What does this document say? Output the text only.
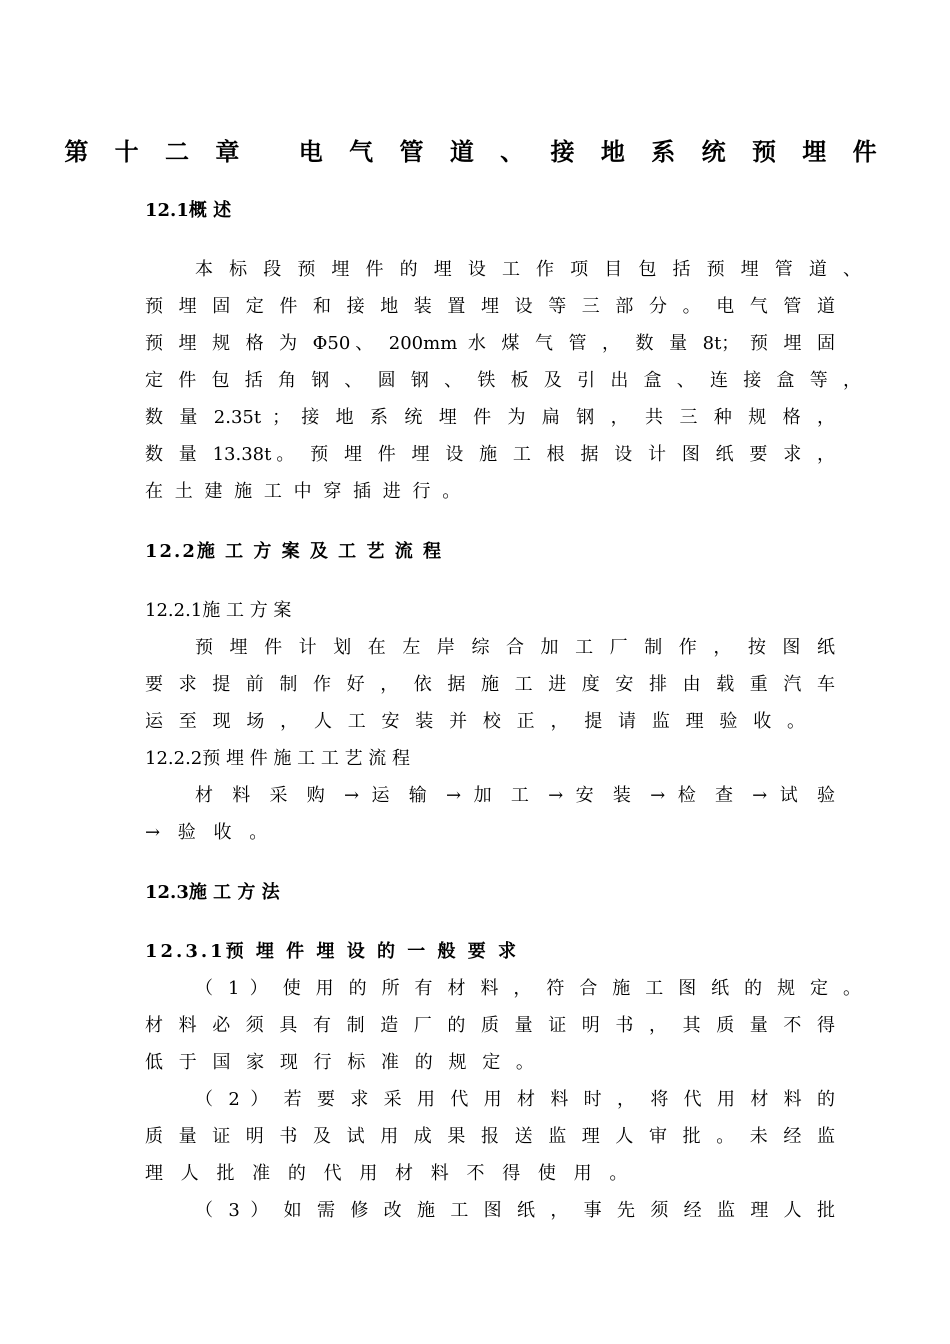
第 十 二 章　 电 气 管 道 、 接 地 系 统 预 埋 件
12.1概 述
本 标 段 预 埋 件 的 埋 设 工 作 项 目 包 括 预 埋 管 道 、
预 埋 固 定 件 和 接 地 装 置 埋 设 等 三 部 分 。 电 气 管 道
预 埋 规 格 为 Φ50、 200mm 水 煤 气 管 ， 数 量 8t； 预 埋 固
定 件 包 括 角 钢 、 圆 钢 、 铁 板 及 引 出 盒 、 连 接 盒 等 ，
数 量 2.35t ； 接 地 系 统 埋 件 为 扁 钢 ， 共 三 种 规 格 ，
数 量 13.38t。 预 埋 件 埋 设 施 工 根 据 设 计 图 纸 要 求 ，
在 土 建 施 工 中 穿 插 进 行 。
12.2施 工 方 案 及 工 艺 流 程
12.2.1施 工 方 案
预 埋 件 计 划 在 左 岸 综 合 加 工 厂 制 作 ， 按 图 纸
要 求 提 前 制 作 好 ， 依 据 施 工 进 度 安 排 由 载 重 汽 车
运 至 现 场 ， 人 工 安 装 并 校 正 ， 提 请 监 理 验 收 。
12.2.2预 埋 件 施 工 工 艺 流 程
材 料 采 购 → 运 输 → 加 工 → 安 装 → 检 查 → 试 验
→ 验 收 。
12.3施 工 方 法
12.3.1预 埋 件 埋 设 的 一 般 要 求
（ 1 ） 使 用 的 所 有 材 料 ， 符 合 施 工 图 纸 的 规 定 。
材 料 必 须 具 有 制 造 厂 的 质 量 证 明 书 ， 其 质 量 不 得
低 于 国 家 现 行 标 准 的 规 定 。
（ 2 ） 若 要 求 采 用 代 用 材 料 时 ， 将 代 用 材 料 的
质 量 证 明 书 及 试 用 成 果 报 送 监 理 人 审 批 。 未 经 监
理 人 批 准 的 代 用 材 料 不 得 使 用 。
（ 3 ） 如 需 修 改 施 工 图 纸 ， 事 先 须 经 监 理 人 批
